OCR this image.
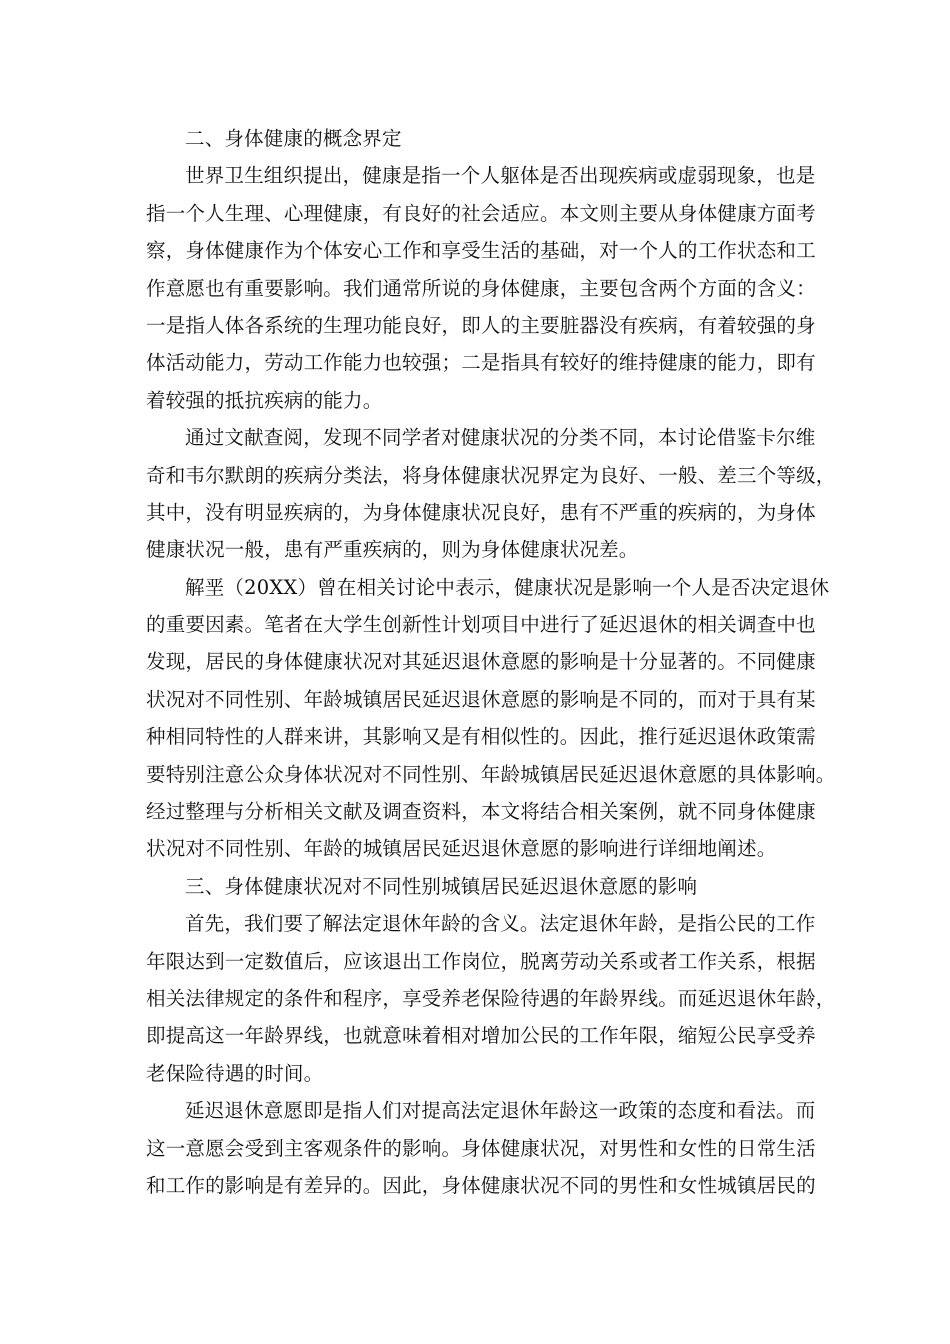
二、身体健康的概念界定
世界卫生组织提出，健康是指一个人躯体是否出现疾病或虚弱现象，也是
指一个人生理、心理健康，有良好的社会适应。本文则主要从身体健康方面考
察，身体健康作为个体安心工作和享受生活的基础，对一个人的工作状态和工
作意愿也有重要影响。我们通常所说的身体健康，主要包含两个方面的含义：
一是指人体各系统的生理功能良好，即人的主要脏器没有疾病，有着较强的身
体活动能力，劳动工作能力也较强；二是指具有较好的维持健康的能力，即有
着较强的抵抗疾病的能力。
通过文献查阅，发现不同学者对健康状况的分类不同，本讨论借鉴卡尔维
奇和韦尔默朗的疾病分类法，将身体健康状况界定为良好、一般、差三个等级，
其中，没有明显疾病的，为身体健康状况良好，患有不严重的疾病的，为身体
健康状况一般，患有严重疾病的，则为身体健康状况差。
解垩（20XX）曾在相关讨论中表示，健康状况是影响一个人是否决定退休
的重要因素。笔者在大学生创新性计划项目中进行了延迟退休的相关调查中也
发现，居民的身体健康状况对其延迟退休意愿的影响是十分显著的。不同健康
状况对不同性别、年龄城镇居民延迟退休意愿的影响是不同的，而对于具有某
种相同特性的人群来讲，其影响又是有相似性的。因此，推行延迟退休政策需
要特别注意公众身体状况对不同性别、年龄城镇居民延迟退休意愿的具体影响。
经过整理与分析相关文献及调查资料，本文将结合相关案例，就不同身体健康
状况对不同性别、年龄的城镇居民延迟退休意愿的影响进行详细地阐述。
三、身体健康状况对不同性别城镇居民延迟退休意愿的影响
首先，我们要了解法定退休年龄的含义。法定退休年龄，是指公民的工作
年限达到一定数值后，应该退出工作岗位，脱离劳动关系或者工作关系，根据
相关法律规定的条件和程序，享受养老保险待遇的年龄界线。而延迟退休年龄，
即提高这一年龄界线，也就意味着相对增加公民的工作年限，缩短公民享受养
老保险待遇的时间。
延迟退休意愿即是指人们对提高法定退休年龄这一政策的态度和看法。而
这一意愿会受到主客观条件的影响。身体健康状况，对男性和女性的日常生活
和工作的影响是有差异的。因此，身体健康状况不同的男性和女性城镇居民的
